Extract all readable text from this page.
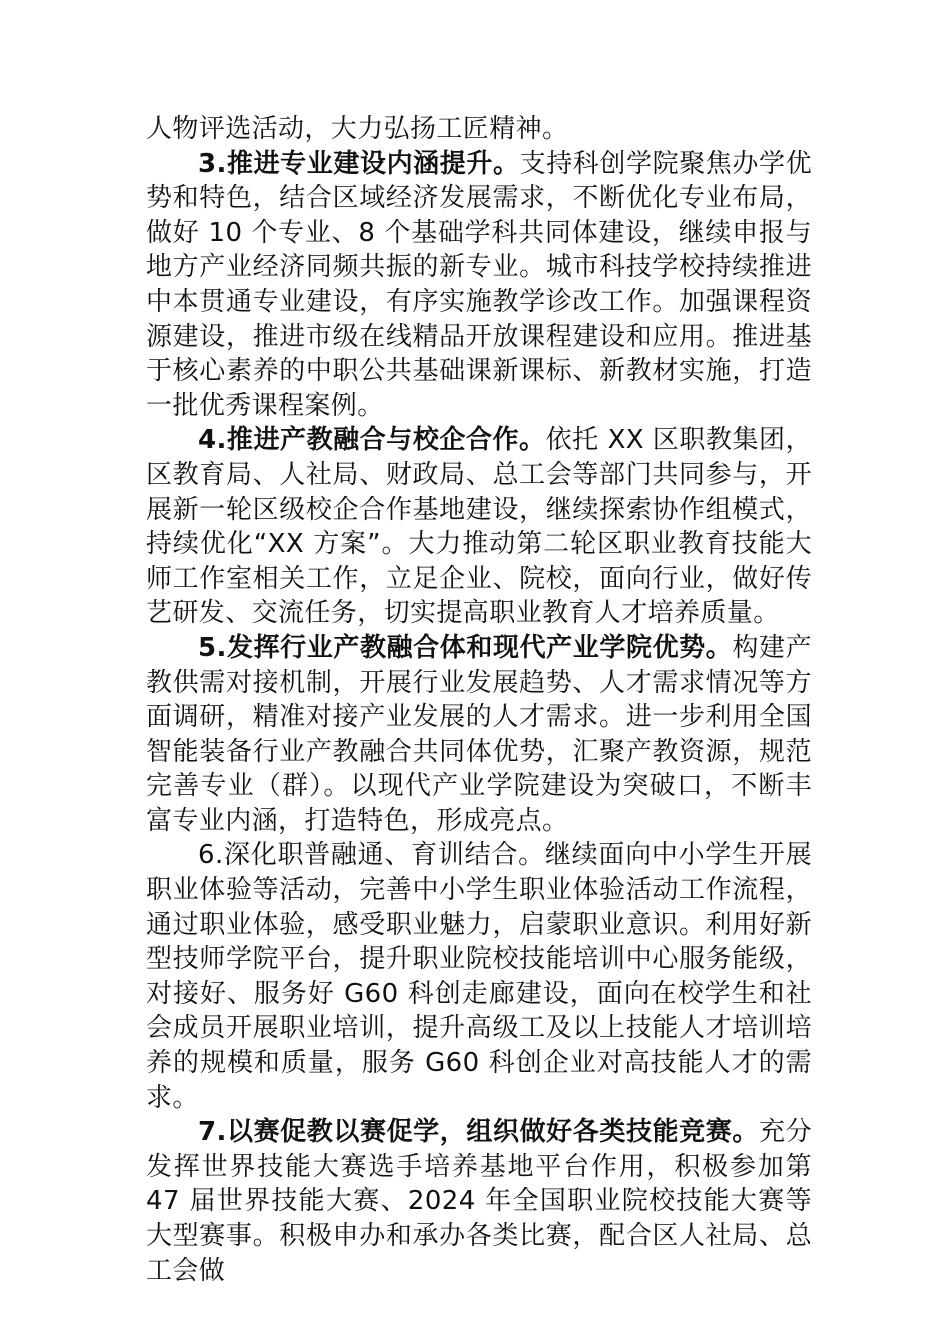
人物评选活动，大力弘扬工匠精神。

3.推进专业建设内涵提升。支持科创学院聚焦办学优势和特色，结合区域经济发展需求，不断优化专业布局，做好 10 个专业、8 个基础学科共同体建设，继续申报与地方产业经济同频共振的新专业。城市科技学校持续推进中本贯通专业建设，有序实施教学诊改工作。加强课程资源建设，推进市级在线精品开放课程建设和应用。推进基于核心素养的中职公共基础课新课标、新教材实施，打造一批优秀课程案例。

4.推进产教融合与校企合作。依托 XX 区职教集团，区教育局、人社局、财政局、总工会等部门共同参与，开展新一轮区级校企合作基地建设，继续探索协作组模式，持续优化“XX 方案”。大力推动第二轮区职业教育技能大师工作室相关工作，立足企业、院校，面向行业，做好传艺研发、交流任务，切实提高职业教育人才培养质量。

5.发挥行业产教融合体和现代产业学院优势。构建产教供需对接机制，开展行业发展趋势、人才需求情况等方面调研，精准对接产业发展的人才需求。进一步利用全国智能装备行业产教融合共同体优势，汇聚产教资源，规范完善专业（群）。以现代产业学院建设为突破口，不断丰富专业内涵，打造特色，形成亮点。

6.深化职普融通、育训结合。继续面向中小学生开展职业体验等活动，完善中小学生职业体验活动工作流程，通过职业体验，感受职业魅力，启蒙职业意识。利用好新型技师学院平台，提升职业院校技能培训中心服务能级，对接好、服务好 G60 科创走廊建设，面向在校学生和社会成员开展职业培训，提升高级工及以上技能人才培训培养的规模和质量，服务 G60 科创企业对高技能人才的需求。

7.以赛促教以赛促学，组织做好各类技能竞赛。充分发挥世界技能大赛选手培养基地平台作用，积极参加第 47 届世界技能大赛、2024 年全国职业院校技能大赛等大型赛事。积极申办和承办各类比赛，配合区人社局、总工会做
